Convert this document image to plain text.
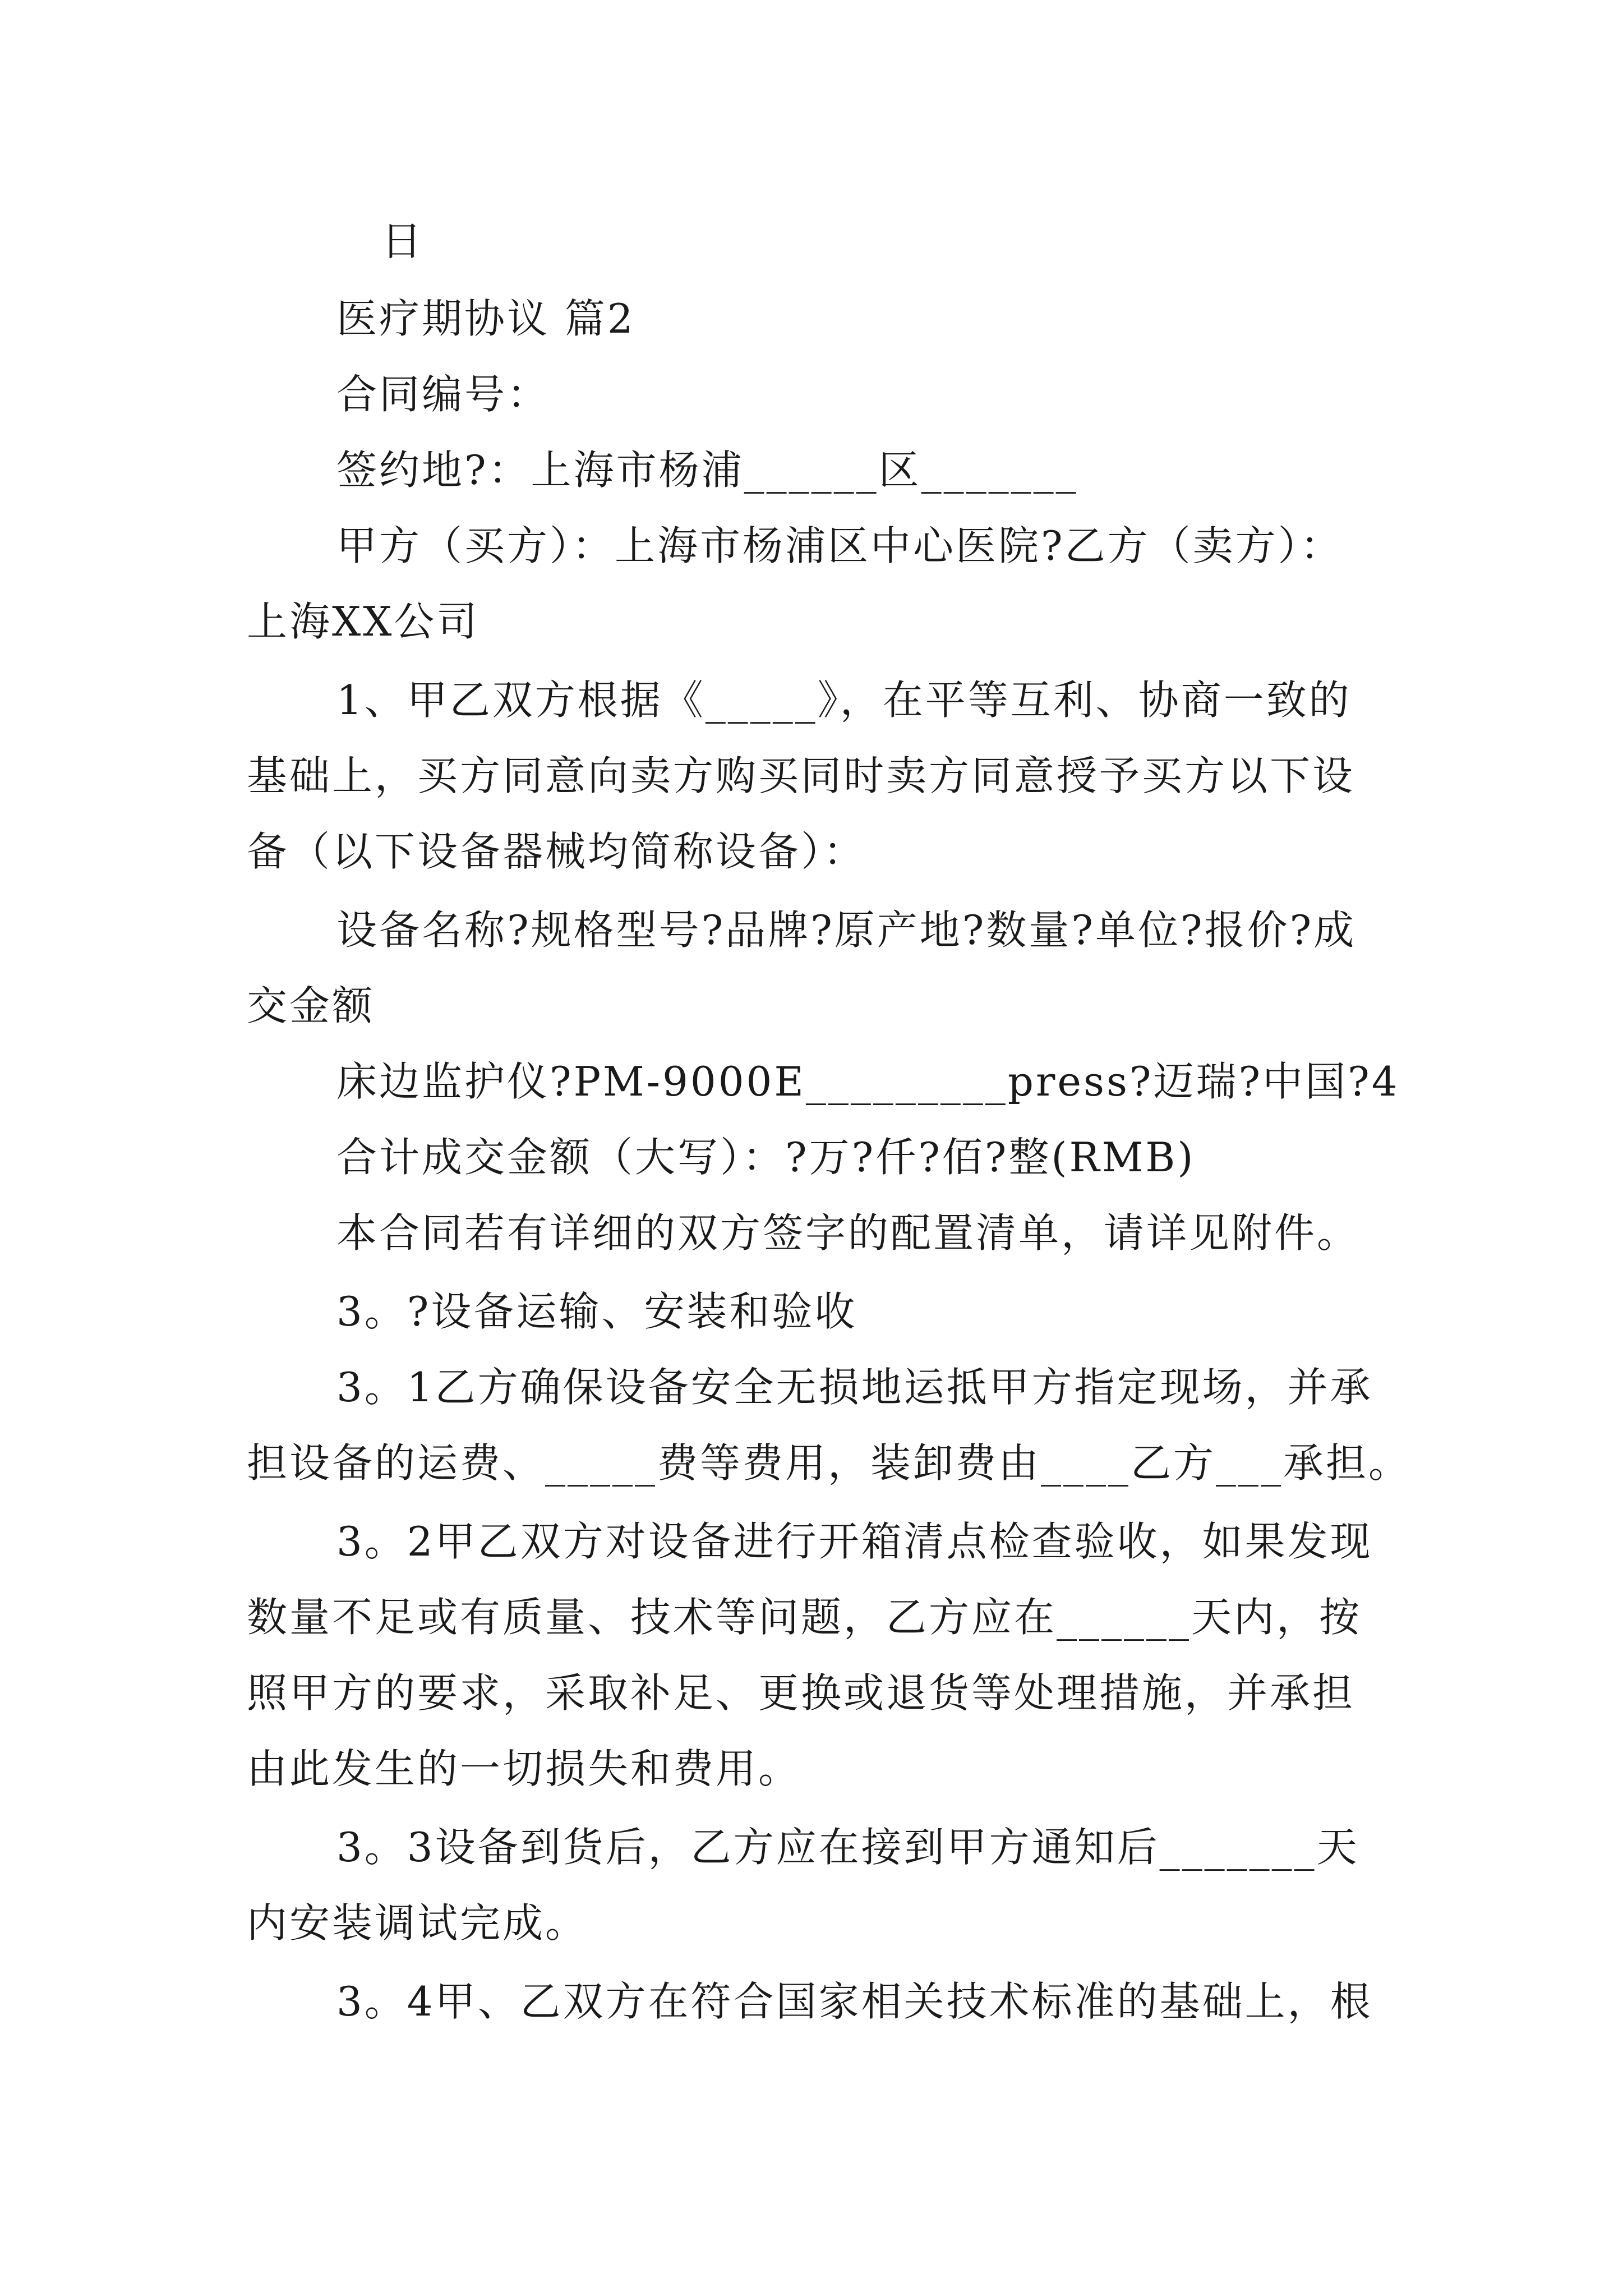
日
医疗期协议 篇2
合同编号：
签约地?：上海市杨浦______区_______
甲方（买方）：上海市杨浦区中心医院?乙方（卖方）：
上海XX公司
1、甲乙双方根据《_____》，在平等互利、协商一致的
基础上，买方同意向卖方购买同时卖方同意授予买方以下设
备（以下设备器械均简称设备）：
设备名称?规格型号?品牌?原产地?数量?单位?报价?成
交金额
床边监护仪?PM-9000E_________press?迈瑞?中国?4
合计成交金额（大写）：?万?仟?佰?整(RMB)
本合同若有详细的双方签字的配置清单，请详见附件。
3。?设备运输、安装和验收
3。1乙方确保设备安全无损地运抵甲方指定现场，并承
担设备的运费、_____费等费用，装卸费由____乙方___承担。
3。2甲乙双方对设备进行开箱清点检查验收，如果发现
数量不足或有质量、技术等问题，乙方应在______天内，按
照甲方的要求，采取补足、更换或退货等处理措施，并承担
由此发生的一切损失和费用。
3。3设备到货后，乙方应在接到甲方通知后_______天
内安装调试完成。
3。4甲、乙双方在符合国家相关技术标准的基础上，根
